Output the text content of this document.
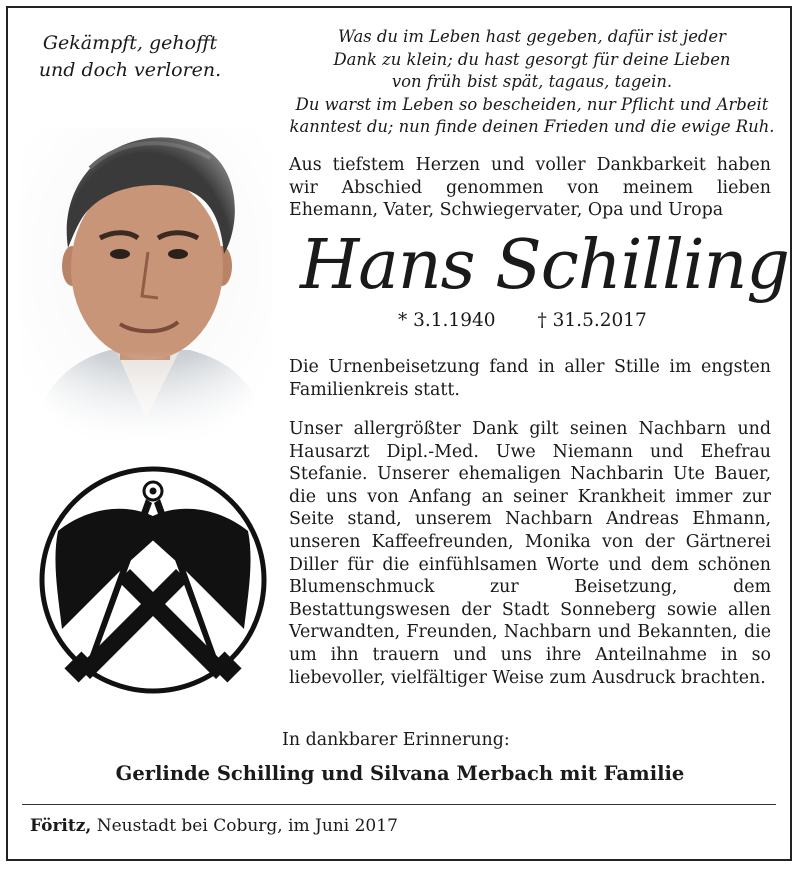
Gekämpft, gehofft
und doch verloren.
Was du im Leben hast gegeben, dafür ist jeder
Dank zu klein; du hast gesorgt für deine Lieben
von früh bist spät, tagaus, tagein.
Du warst im Leben so bescheiden, nur Pflicht und Arbeit
kanntest du; nun finde deinen Frieden und die ewige Ruh.
Aus tiefstem Herzen und voller Dankbarkeit haben wir Abschied genommen von meinem lieben Ehemann, Vater, Schwiegervater, Opa und Uropa
Hans Schilling
* 3.1.1940 † 31.5.2017
Die Urnenbeisetzung fand in aller Stille im engsten Familienkreis statt.

Unser allergrößter Dank gilt seinen Nachbarn und Hausarzt Dipl.-Med. Uwe Niemann und Ehefrau Stefanie. Unserer ehemaligen Nachbarin Ute Bauer, die uns von Anfang an seiner Krankheit immer zur Seite stand, unserem Nachbarn Andreas Ehmann, unseren Kaffeefreunden, Monika von der Gärtnerei Diller für die einfühlsamen Worte und dem schönen Blumenschmuck zur Beisetzung, dem Bestattungswesen der Stadt Sonneberg sowie allen Verwandten, Freunden, Nachbarn und Bekannten, die um ihn trauern und uns ihre Anteilnahme in so liebevoller, vielfältiger Weise zum Ausdruck brachten.

In dankbarer Erinnerung:
Gerlinde Schilling und Silvana Merbach mit Familie
Föritz, Neustadt bei Coburg, im Juni 2017
